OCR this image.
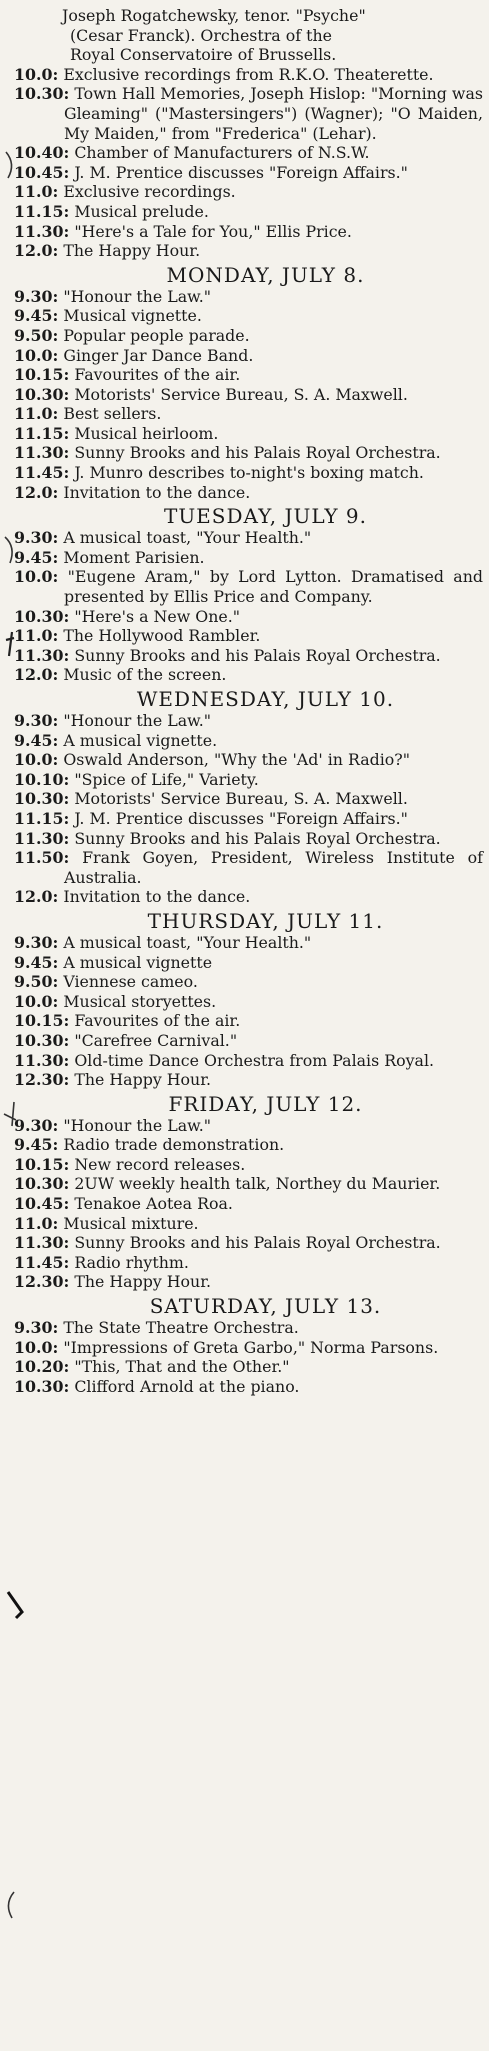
Joseph Rogatchewsky, tenor. "Psyche"
(Cesar Franck). Orchestra of the
Royal Conservatoire of Brussells.
10.0: Exclusive recordings from R.K.O. Theaterette.
10.30: Town Hall Memories, Joseph Hislop: "Morning was Gleaming" ("Mastersingers") (Wagner); "O Maiden, My Maiden," from "Frederica" (Lehar).
10.40: Chamber of Manufacturers of N.S.W.
10.45: J. M. Prentice discusses "Foreign Affairs."
11.0: Exclusive recordings.
11.15: Musical prelude.
11.30: "Here's a Tale for You," Ellis Price.
12.0: The Happy Hour.
MONDAY, JULY 8.
9.30: "Honour the Law."
9.45: Musical vignette.
9.50: Popular people parade.
10.0: Ginger Jar Dance Band.
10.15: Favourites of the air.
10.30: Motorists' Service Bureau, S. A. Maxwell.
11.0: Best sellers.
11.15: Musical heirloom.
11.30: Sunny Brooks and his Palais Royal Orchestra.
11.45: J. Munro describes to-night's boxing match.
12.0: Invitation to the dance.
TUESDAY, JULY 9.
9.30: A musical toast, "Your Health."
9.45: Moment Parisien.
10.0: "Eugene Aram," by Lord Lytton. Dramatised and presented by Ellis Price and Company.
10.30: "Here's a New One."
11.0: The Hollywood Rambler.
11.30: Sunny Brooks and his Palais Royal Orchestra.
12.0: Music of the screen.
WEDNESDAY, JULY 10.
9.30: "Honour the Law."
9.45: A musical vignette.
10.0: Oswald Anderson, "Why the 'Ad' in Radio?"
10.10: "Spice of Life," Variety.
10.30: Motorists' Service Bureau, S. A. Maxwell.
11.15: J. M. Prentice discusses "Foreign Affairs."
11.30: Sunny Brooks and his Palais Royal Orchestra.
11.50: Frank Goyen, President, Wireless Institute of Australia.
12.0: Invitation to the dance.
THURSDAY, JULY 11.
9.30: A musical toast, "Your Health."
9.45: A musical vignette
9.50: Viennese cameo.
10.0: Musical storyettes.
10.15: Favourites of the air.
10.30: "Carefree Carnival."
11.30: Old-time Dance Orchestra from Palais Royal.
12.30: The Happy Hour.
FRIDAY, JULY 12.
9.30: "Honour the Law."
9.45: Radio trade demonstration.
10.15: New record releases.
10.30: 2UW weekly health talk, Northey du Maurier.
10.45: Tenakoe Aotea Roa.
11.0: Musical mixture.
11.30: Sunny Brooks and his Palais Royal Orchestra.
11.45: Radio rhythm.
12.30: The Happy Hour.
SATURDAY, JULY 13.
9.30: The State Theatre Orchestra.
10.0: "Impressions of Greta Garbo," Norma Parsons.
10.20: "This, That and the Other."
10.30: Clifford Arnold at the piano.
